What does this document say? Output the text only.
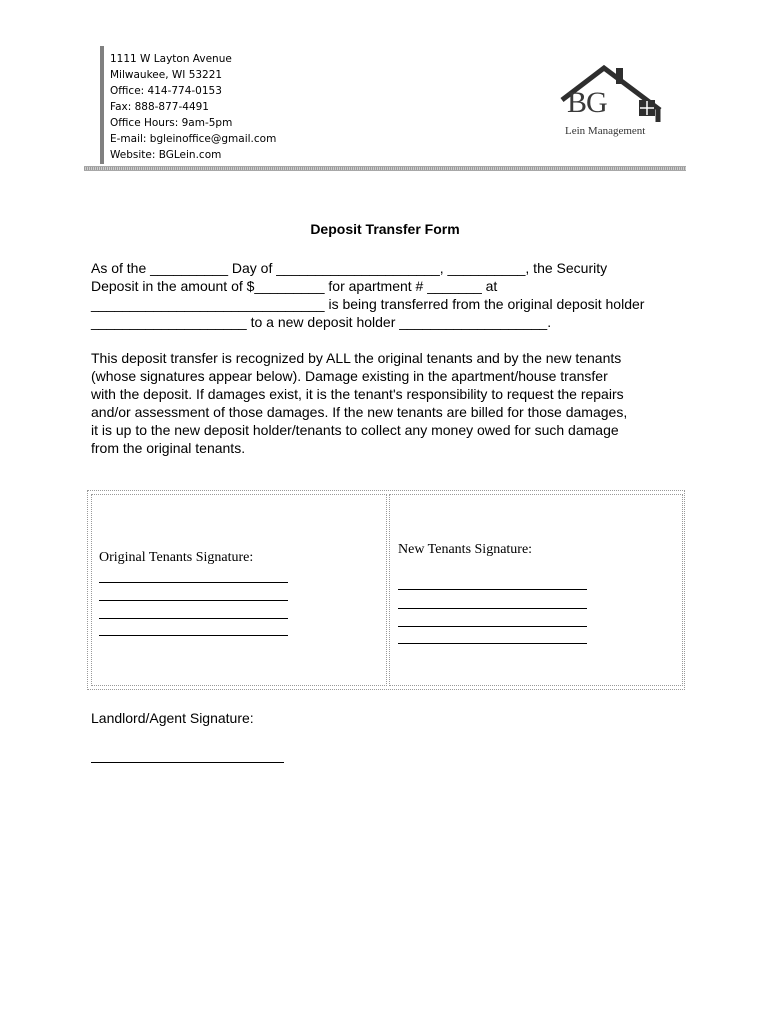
1111 W Layton Avenue
Milwaukee, WI 53221
Office: 414-774-0153
Fax: 888-877-4491
Office Hours: 9am-5pm
E-mail: bgleinoffice@gmail.com
Website: BGLein.com
BG
Lein Management
Deposit Transfer Form
As of the __________ Day of _____________________, __________, the Security
Deposit in the amount of $_________ for apartment # _______ at
______________________________ is being transferred from the original deposit holder
____________________ to a new deposit holder ___________________.
This deposit transfer is recognized by ALL the original tenants and by the new tenants
(whose signatures appear below). Damage existing in the apartment/house transfer
with the deposit. If damages exist, it is the tenant's responsibility to request the repairs
and/or assessment of those damages. If the new tenants are billed for those damages,
it is up to the new deposit holder/tenants to collect any money owed for such damage
from the original tenants.
Original Tenants Signature:
New Tenants Signature:
Landlord/Agent Signature:
